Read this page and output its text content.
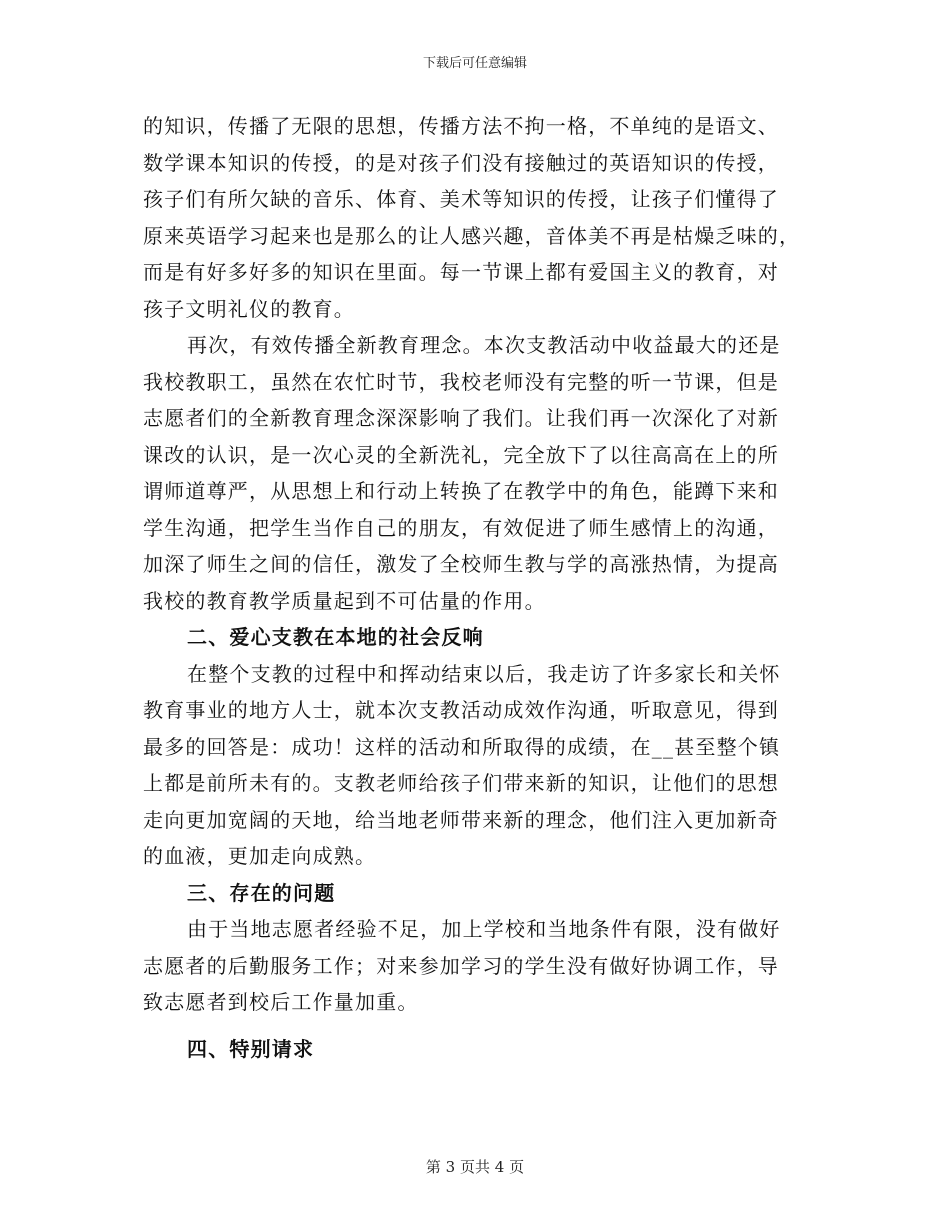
下载后可任意编辑

的知识，传播了无限的思想，传播方法不拘一格，不单纯的是语文、
数学课本知识的传授，的是对孩子们没有接触过的英语知识的传授，
孩子们有所欠缺的音乐、体育、美术等知识的传授，让孩子们懂得了
原来英语学习起来也是那么的让人感兴趣，音体美不再是枯燥乏味的，
而是有好多好多的知识在里面。每一节课上都有爱国主义的教育，对
孩子文明礼仪的教育。

再次，有效传播全新教育理念。本次支教活动中收益最大的还是
我校教职工，虽然在农忙时节，我校老师没有完整的听一节课，但是
志愿者们的全新教育理念深深影响了我们。让我们再一次深化了对新
课改的认识，是一次心灵的全新洗礼，完全放下了以往高高在上的所
谓师道尊严，从思想上和行动上转换了在教学中的角色，能蹲下来和
学生沟通，把学生当作自己的朋友，有效促进了师生感情上的沟通，
加深了师生之间的信任，激发了全校师生教与学的高涨热情，为提高
我校的教育教学质量起到不可估量的作用。

二、爱心支教在本地的社会反响

在整个支教的过程中和挥动结束以后，我走访了许多家长和关怀
教育事业的地方人士，就本次支教活动成效作沟通，听取意见，得到
最多的回答是：成功！这样的活动和所取得的成绩，在__甚至整个镇
上都是前所未有的。支教老师给孩子们带来新的知识，让他们的思想
走向更加宽阔的天地，给当地老师带来新的理念，他们注入更加新奇
的血液，更加走向成熟。

三、存在的问题

由于当地志愿者经验不足，加上学校和当地条件有限，没有做好
志愿者的后勤服务工作；对来参加学习的学生没有做好协调工作，导
致志愿者到校后工作量加重。

四、特别请求
第 3 页共 4 页
